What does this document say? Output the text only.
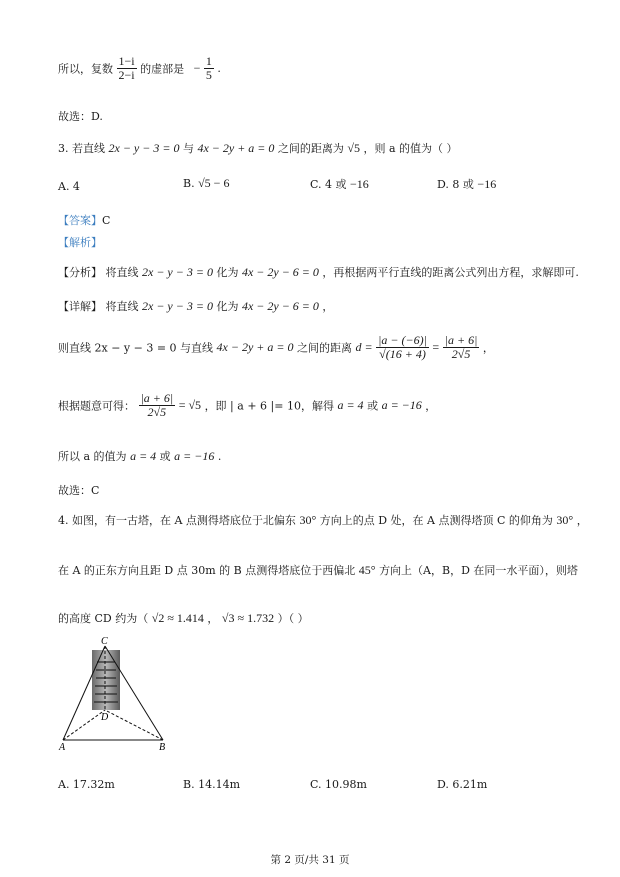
所以，复数 $\frac{1-i}{2-i}$ 的虚部是 − $\frac{1}{5}$ .
故选：D.
3. 若直线 2x − y − 3 = 0 与 4x − 2y + a = 0 之间的距离为 √5 ，则 a 的值为（ ）
A. 4	B. √5 − 6	C. 4 或 −16	D. 8 或 −16
【答案】C
【解析】
【分析】 将直线 2x − y − 3 = 0 化为 4x − 2y − 6 = 0 ，再根据两平行直线的距离公式列出方程，求解即可.
【详解】 将直线 2x − y − 3 = 0 化为 4x − 2y − 6 = 0 ，
则直线 2x − y − 3 = 0 与直线 4x − 2y + a = 0 之间的距离 $d = \frac{|a - (-6)|}{√(16 + 4)} = \frac{|a + 6|}{2√5}$ ，
根据题意可得： $\frac{|a + 6|}{2√5} = √5$ ，即 | a + 6 |= 10，解得 a = 4 或 a = −16 ，
所以 a 的值为 a = 4 或 a = −16 .
故选：C
4. 如图，有一古塔，在 A 点测得塔底位于北偏东 30° 方向上的点 D 处，在 A 点测得塔顶 C 的仰角为 30° ，
在 A 的正东方向且距 D 点 30m 的 B 点测得塔底位于西偏北 45° 方向上（A，B，D 在同一水平面），则塔
的高度 CD 约为（ √2 ≈ 1.414 ， √3 ≈ 1.732 ）（ ）
C
D
A	B
A. 17.32m	B. 14.14m	C. 10.98m	D. 6.21m
第 2 页/共 31 页
